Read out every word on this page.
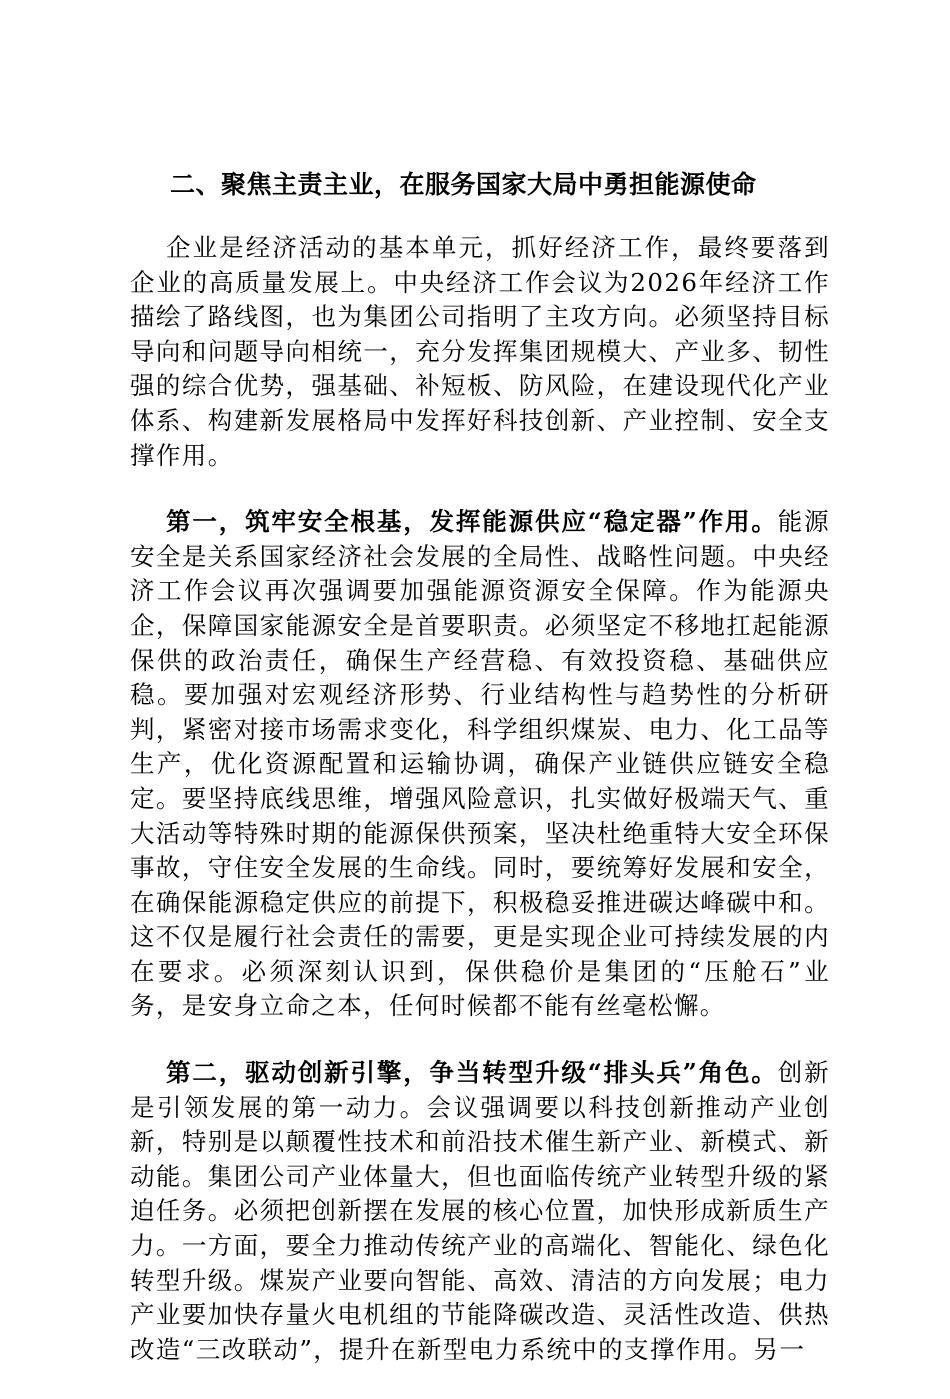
二、聚焦主责主业，在服务国家大局中勇担能源使命

企业是经济活动的基本单元，抓好经济工作，最终要落到企业的高质量发展上。中央经济工作会议为2026年经济工作描绘了路线图，也为集团公司指明了主攻方向。必须坚持目标导向和问题导向相统一，充分发挥集团规模大、产业多、韧性强的综合优势，强基础、补短板、防风险，在建设现代化产业体系、构建新发展格局中发挥好科技创新、产业控制、安全支撑作用。

第一，筑牢安全根基，发挥能源供应“稳定器”作用。能源安全是关系国家经济社会发展的全局性、战略性问题。中央经济工作会议再次强调要加强能源资源安全保障。作为能源央企，保障国家能源安全是首要职责。必须坚定不移地扛起能源保供的政治责任，确保生产经营稳、有效投资稳、基础供应稳。要加强对宏观经济形势、行业结构性与趋势性的分析研判，紧密对接市场需求变化，科学组织煤炭、电力、化工品等生产，优化资源配置和运输协调，确保产业链供应链安全稳定。要坚持底线思维，增强风险意识，扎实做好极端天气、重大活动等特殊时期的能源保供预案，坚决杜绝重特大安全环保事故，守住安全发展的生命线。同时，要统筹好发展和安全，在确保能源稳定供应的前提下，积极稳妥推进碳达峰碳中和。这不仅是履行社会责任的需要，更是实现企业可持续发展的内在要求。必须深刻认识到，保供稳价是集团的“压舱石”业务，是安身立命之本，任何时候都不能有丝毫松懈。

第二，驱动创新引擎，争当转型升级“排头兵”角色。创新是引领发展的第一动力。会议强调要以科技创新推动产业创新，特别是以颠覆性技术和前沿技术催生新产业、新模式、新动能。集团公司产业体量大，但也面临传统产业转型升级的紧迫任务。必须把创新摆在发展的核心位置，加快形成新质生产力。一方面，要全力推动传统产业的高端化、智能化、绿色化转型升级。煤炭产业要向智能、高效、清洁的方向发展；电力产业要加快存量火电机组的节能降碳改造、灵活性改造、供热改造“三改联动”，提升在新型电力系统中的支撑作用。另一
